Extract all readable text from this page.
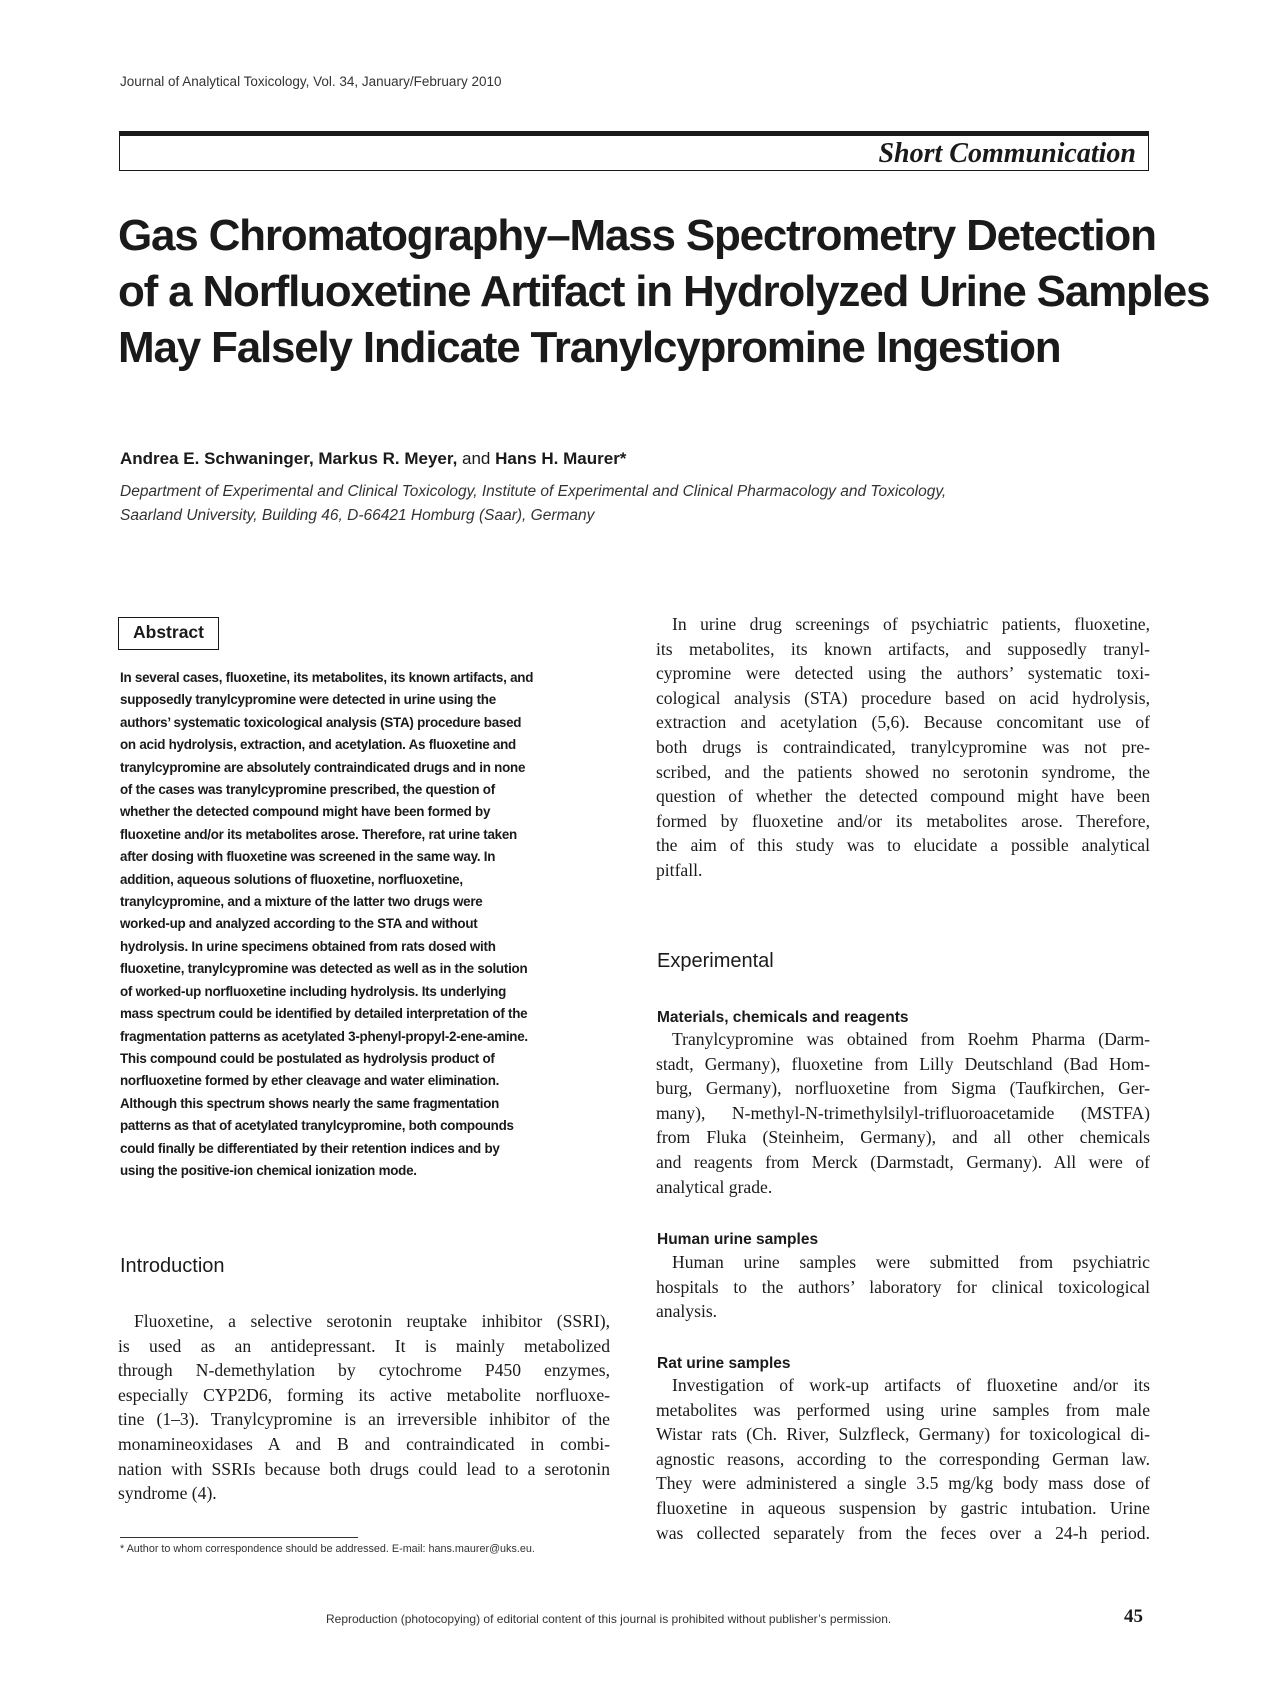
Journal of Analytical Toxicology, Vol. 34, January/February 2010
Short Communication
Gas Chromatography–Mass Spectrometry Detection
of a Norfluoxetine Artifact in Hydrolyzed Urine Samples
May Falsely Indicate Tranylcypromine Ingestion
Andrea E. Schwaninger, Markus R. Meyer, and Hans H. Maurer*
Department of Experimental and Clinical Toxicology, Institute of Experimental and Clinical Pharmacology and Toxicology,
Saarland University, Building 46, D-66421 Homburg (Saar), Germany
Abstract
In several cases, fluoxetine, its metabolites, its known artifacts, and
supposedly tranylcypromine were detected in urine using the
authors’ systematic toxicological analysis (STA) procedure based
on acid hydrolysis, extraction, and acetylation. As fluoxetine and
tranylcypromine are absolutely contraindicated drugs and in none
of the cases was tranylcypromine prescribed, the question of
whether the detected compound might have been formed by
fluoxetine and/or its metabolites arose. Therefore, rat urine taken
after dosing with fluoxetine was screened in the same way. In
addition, aqueous solutions of fluoxetine, norfluoxetine,
tranylcypromine, and a mixture of the latter two drugs were
worked-up and analyzed according to the STA and without
hydrolysis. In urine specimens obtained from rats dosed with
fluoxetine, tranylcypromine was detected as well as in the solution
of worked-up norfluoxetine including hydrolysis. Its underlying
mass spectrum could be identified by detailed interpretation of the
fragmentation patterns as acetylated 3-phenyl-propyl-2-ene-amine.
This compound could be postulated as hydrolysis product of
norfluoxetine formed by ether cleavage and water elimination.
Although this spectrum shows nearly the same fragmentation
patterns as that of acetylated tranylcypromine, both compounds
could finally be differentiated by their retention indices and by
using the positive-ion chemical ionization mode.
Introduction
Fluoxetine, a selective serotonin reuptake inhibitor (SSRI),
is used as an antidepressant. It is mainly metabolized
through N-demethylation by cytochrome P450 enzymes,
especially CYP2D6, forming its active metabolite norfluoxe-
tine (1–3). Tranylcypromine is an irreversible inhibitor of the
monamineoxidases A and B and contraindicated in combi-
nation with SSRIs because both drugs could lead to a serotonin
syndrome (4).
* Author to whom correspondence should be addressed. E-mail: hans.maurer@uks.eu.
In urine drug screenings of psychiatric patients, fluoxetine,
its metabolites, its known artifacts, and supposedly tranyl-
cypromine were detected using the authors’ systematic toxi-
cological analysis (STA) procedure based on acid hydrolysis,
extraction and acetylation (5,6). Because concomitant use of
both drugs is contraindicated, tranylcypromine was not pre-
scribed, and the patients showed no serotonin syndrome, the
question of whether the detected compound might have been
formed by fluoxetine and/or its metabolites arose. Therefore,
the aim of this study was to elucidate a possible analytical
pitfall.
Experimental
Materials, chemicals and reagents
Tranylcypromine was obtained from Roehm Pharma (Darm-
stadt, Germany), fluoxetine from Lilly Deutschland (Bad Hom-
burg, Germany), norfluoxetine from Sigma (Taufkirchen, Ger-
many), N-methyl-N-trimethylsilyl-trifluoroacetamide (MSTFA)
from Fluka (Steinheim, Germany), and all other chemicals
and reagents from Merck (Darmstadt, Germany). All were of
analytical grade.
Human urine samples
Human urine samples were submitted from psychiatric
hospitals to the authors’ laboratory for clinical toxicological
analysis.
Rat urine samples
Investigation of work-up artifacts of fluoxetine and/or its
metabolites was performed using urine samples from male
Wistar rats (Ch. River, Sulzfleck, Germany) for toxicological di-
agnostic reasons, according to the corresponding German law.
They were administered a single 3.5 mg/kg body mass dose of
fluoxetine in aqueous suspension by gastric intubation. Urine
was collected separately from the feces over a 24-h period.
Reproduction (photocopying) of editorial content of this journal is prohibited without publisher’s permission.	45
